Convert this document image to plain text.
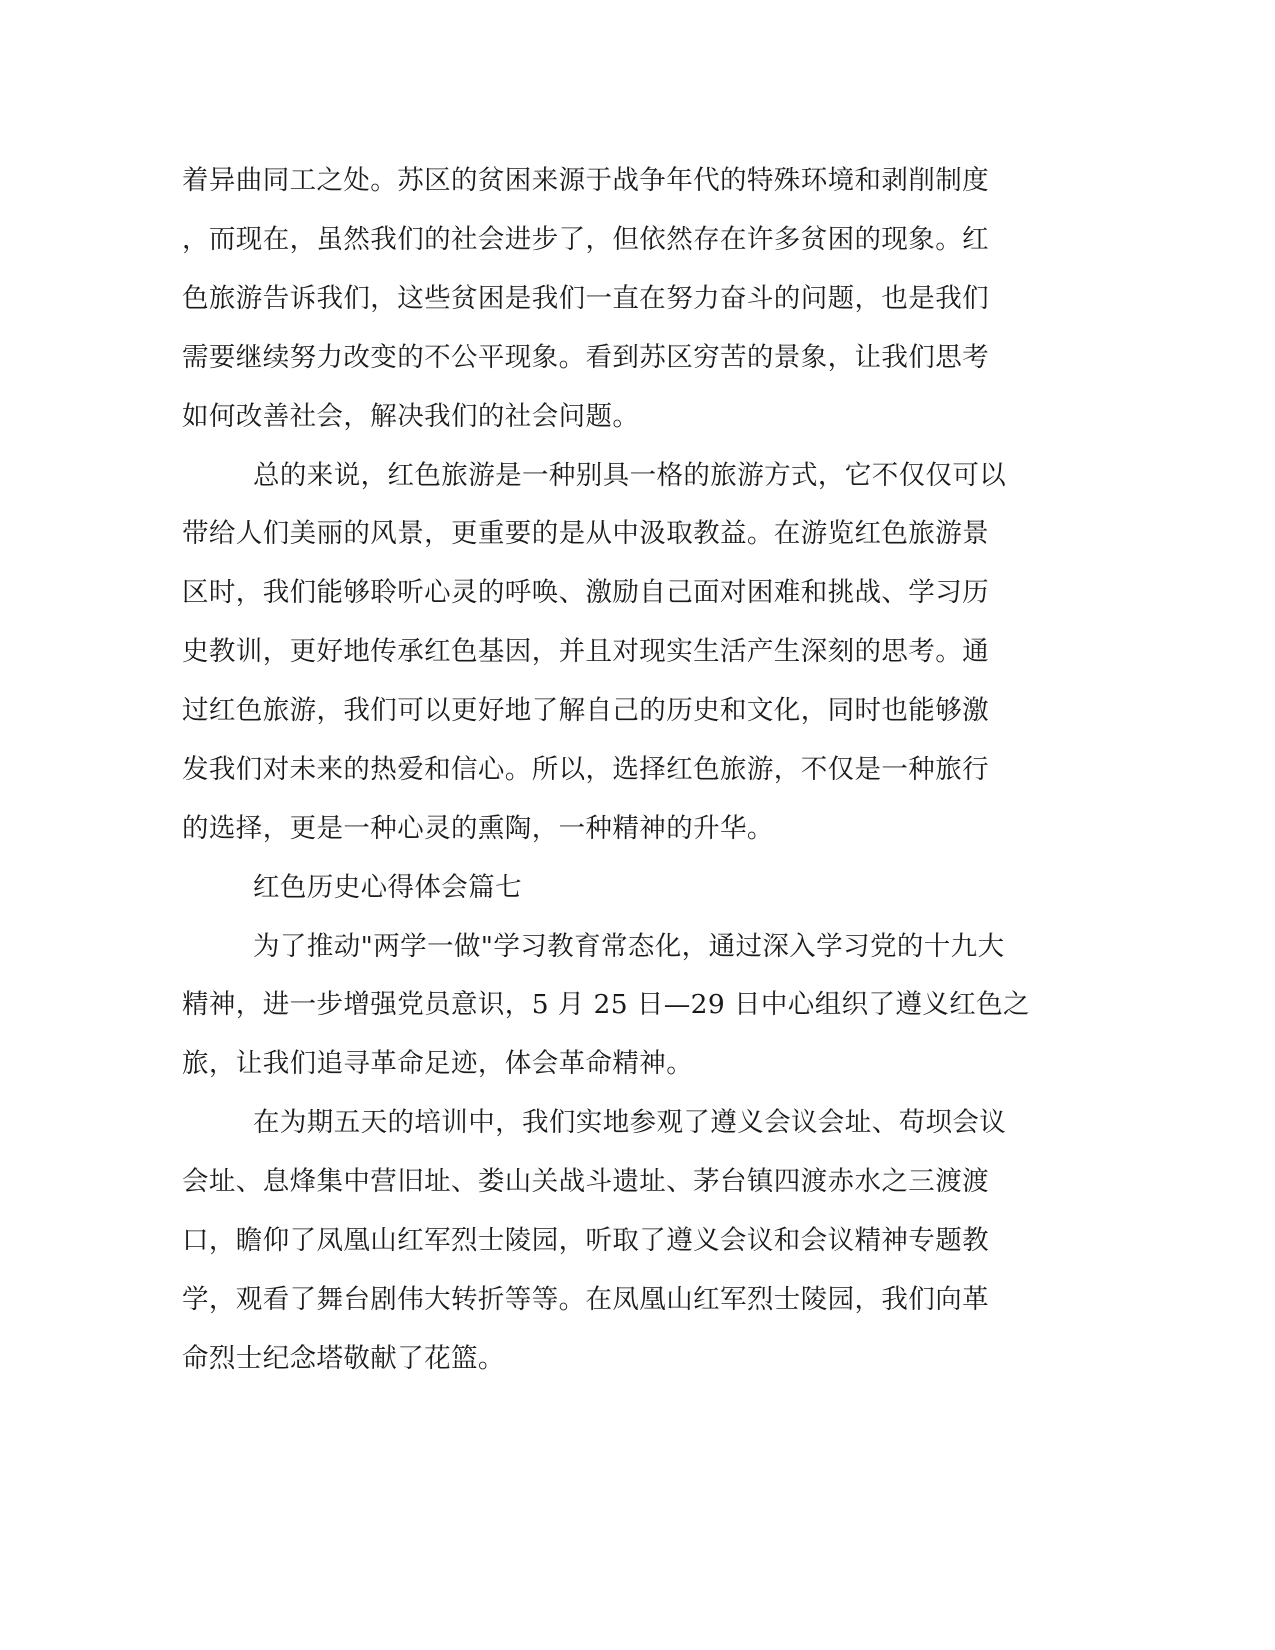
着异曲同工之处。苏区的贫困来源于战争年代的特殊环境和剥削制度
，而现在，虽然我们的社会进步了，但依然存在许多贫困的现象。红
色旅游告诉我们，这些贫困是我们一直在努力奋斗的问题，也是我们
需要继续努力改变的不公平现象。看到苏区穷苦的景象，让我们思考
如何改善社会，解决我们的社会问题。
总的来说，红色旅游是一种别具一格的旅游方式，它不仅仅可以
带给人们美丽的风景，更重要的是从中汲取教益。在游览红色旅游景
区时，我们能够聆听心灵的呼唤、激励自己面对困难和挑战、学习历
史教训，更好地传承红色基因，并且对现实生活产生深刻的思考。通
过红色旅游，我们可以更好地了解自己的历史和文化，同时也能够激
发我们对未来的热爱和信心。所以，选择红色旅游，不仅是一种旅行
的选择，更是一种心灵的熏陶，一种精神的升华。
红色历史心得体会篇七
为了推动"两学一做"学习教育常态化，通过深入学习党的十九大
精神，进一步增强党员意识，5 月 25 日—29 日中心组织了遵义红色之
旅，让我们追寻革命足迹，体会革命精神。
在为期五天的培训中，我们实地参观了遵义会议会址、苟坝会议
会址、息烽集中营旧址、娄山关战斗遗址、茅台镇四渡赤水之三渡渡
口，瞻仰了凤凰山红军烈士陵园，听取了遵义会议和会议精神专题教
学，观看了舞台剧伟大转折等等。在凤凰山红军烈士陵园，我们向革
命烈士纪念塔敬献了花篮。
